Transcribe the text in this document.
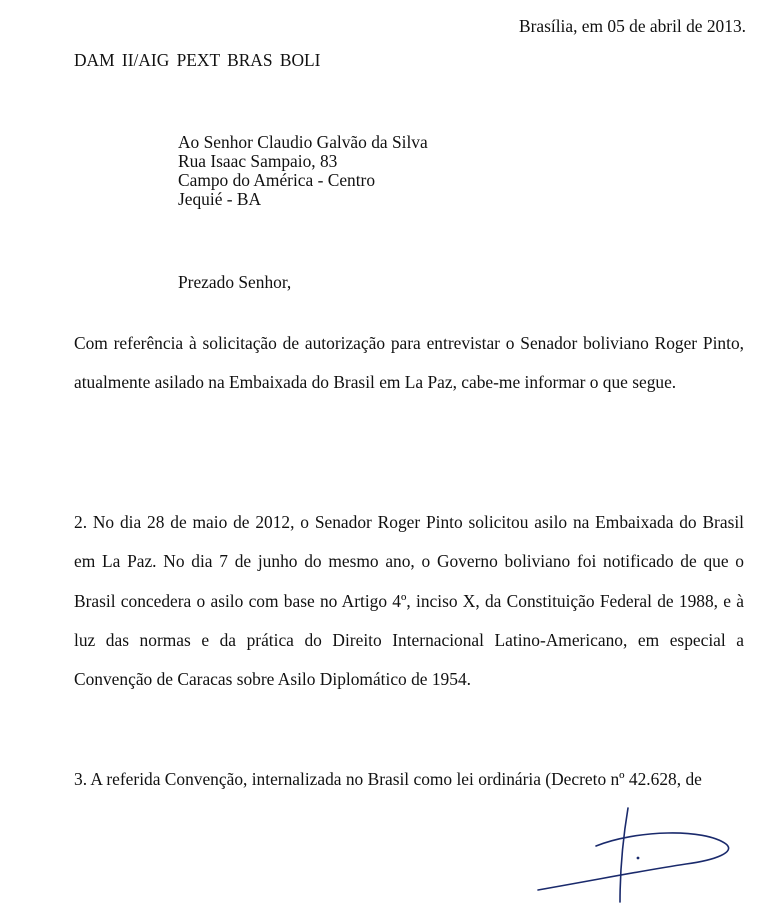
Brasília, em 05 de abril de 2013.

DAM II/AIG PEXT BRAS BOLI

Ao Senhor Claudio Galvão da Silva
Rua Isaac Sampaio, 83
Campo do América - Centro
Jequié - BA

Prezado Senhor,

Com referência à solicitação de autorização para entrevistar o Senador boliviano Roger Pinto, atualmente asilado na Embaixada do Brasil em La Paz, cabe-me informar o que segue.

2. No dia 28 de maio de 2012, o Senador Roger Pinto solicitou asilo na Embaixada do Brasil em La Paz. No dia 7 de junho do mesmo ano, o Governo boliviano foi notificado de que o Brasil concedera o asilo com base no Artigo 4º, inciso X, da Constituição Federal de 1988, e à luz das normas e da prática do Direito Internacional Latino-Americano, em especial a Convenção de Caracas sobre Asilo Diplomático de 1954.

3. A referida Convenção, internalizada no Brasil como lei ordinária (Decreto nº 42.628, de
